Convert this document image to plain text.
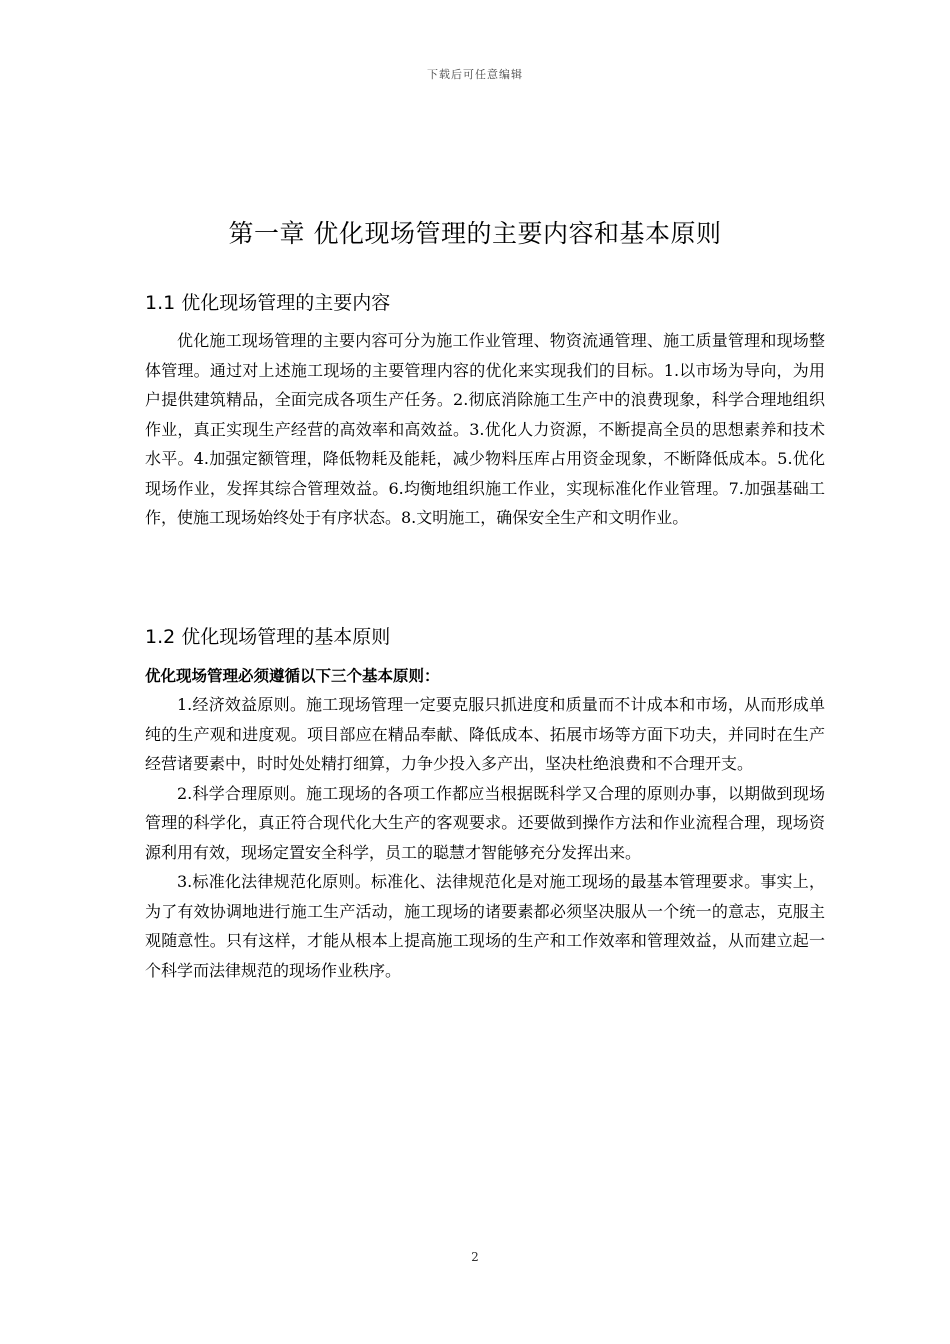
下载后可任意编辑
第一章 优化现场管理的主要内容和基本原则
1.1 优化现场管理的主要内容

优化施工现场管理的主要内容可分为施工作业管理、物资流通管理、施工质量管理和现场整体管理。通过对上述施工现场的主要管理内容的优化来实现我们的目标。1.以市场为导向，为用户提供建筑精品，全面完成各项生产任务。2.彻底消除施工生产中的浪费现象，科学合理地组织作业，真正实现生产经营的高效率和高效益。3.优化人力资源，不断提高全员的思想素养和技术水平。4.加强定额管理，降低物耗及能耗，减少物料压库占用资金现象，不断降低成本。5.优化现场作业，发挥其综合管理效益。6.均衡地组织施工作业，实现标准化作业管理。7.加强基础工作，使施工现场始终处于有序状态。8.文明施工，确保安全生产和文明作业。

1.2 优化现场管理的基本原则
优化现场管理必须遵循以下三个基本原则：

1.经济效益原则。施工现场管理一定要克服只抓进度和质量而不计成本和市场，从而形成单纯的生产观和进度观。项目部应在精品奉献、降低成本、拓展市场等方面下功夫，并同时在生产经营诸要素中，时时处处精打细算，力争少投入多产出，坚决杜绝浪费和不合理开支。

2.科学合理原则。施工现场的各项工作都应当根据既科学又合理的原则办事，以期做到现场管理的科学化，真正符合现代化大生产的客观要求。还要做到操作方法和作业流程合理，现场资源利用有效，现场定置安全科学，员工的聪慧才智能够充分发挥出来。

3.标准化法律规范化原则。标准化、法律规范化是对施工现场的最基本管理要求。事实上，为了有效协调地进行施工生产活动，施工现场的诸要素都必须坚决服从一个统一的意志，克服主观随意性。只有这样，才能从根本上提高施工现场的生产和工作效率和管理效益，从而建立起一个科学而法律规范的现场作业秩序。

2
